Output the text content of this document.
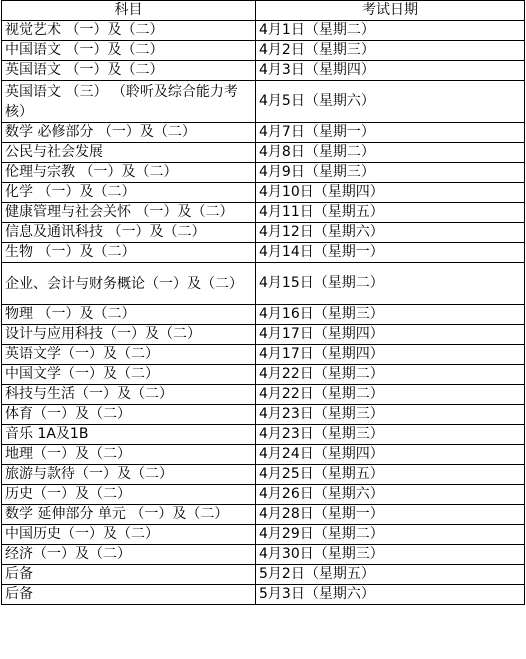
科目	考试日期
视觉艺术 （一）及（二）	4月1日（星期二）
中国语文 （一）及（二）	4月2日（星期三）
英国语文 （一）及（二）	4月3日（星期四）
英国语文 （三） （聆听及综合能力考核）	4月5日（星期六）
数学 必修部分 （一）及（二）	4月7日（星期一）
公民与社会发展	4月8日（星期二）
伦理与宗教 （一）及（二）	4月9日（星期三）
化学 （一）及（二）	4月10日（星期四）
健康管理与社会关怀 （一）及（二）	4月11日（星期五）
信息及通讯科技 （一）及（二）	4月12日（星期六）
生物 （一）及（二）	4月14日（星期一）
企业、会计与财务概论（一）及（二）	4月15日（星期二）
物理 （一）及（二）	4月16日（星期三）
设计与应用科技（一）及（二）	4月17日（星期四）
英语文学（一）及（二）	4月17日（星期四）
中国文学（一）及（二）	4月22日（星期二）
科技与生活（一）及（二）	4月22日（星期二）
体育（一）及（二）	4月23日（星期三）
音乐 1A及1B	4月23日（星期三）
地理（一）及（二）	4月24日（星期四）
旅游与款待（一）及（二）	4月25日（星期五）
历史（一）及（二）	4月26日（星期六）
数学 延伸部分 单元 （一）及（二）	4月28日（星期一）
中国历史（一）及（二）	4月29日（星期二）
经济（一）及（二）	4月30日（星期三）
后备	5月2日（星期五）
后备	5月3日（星期六）
